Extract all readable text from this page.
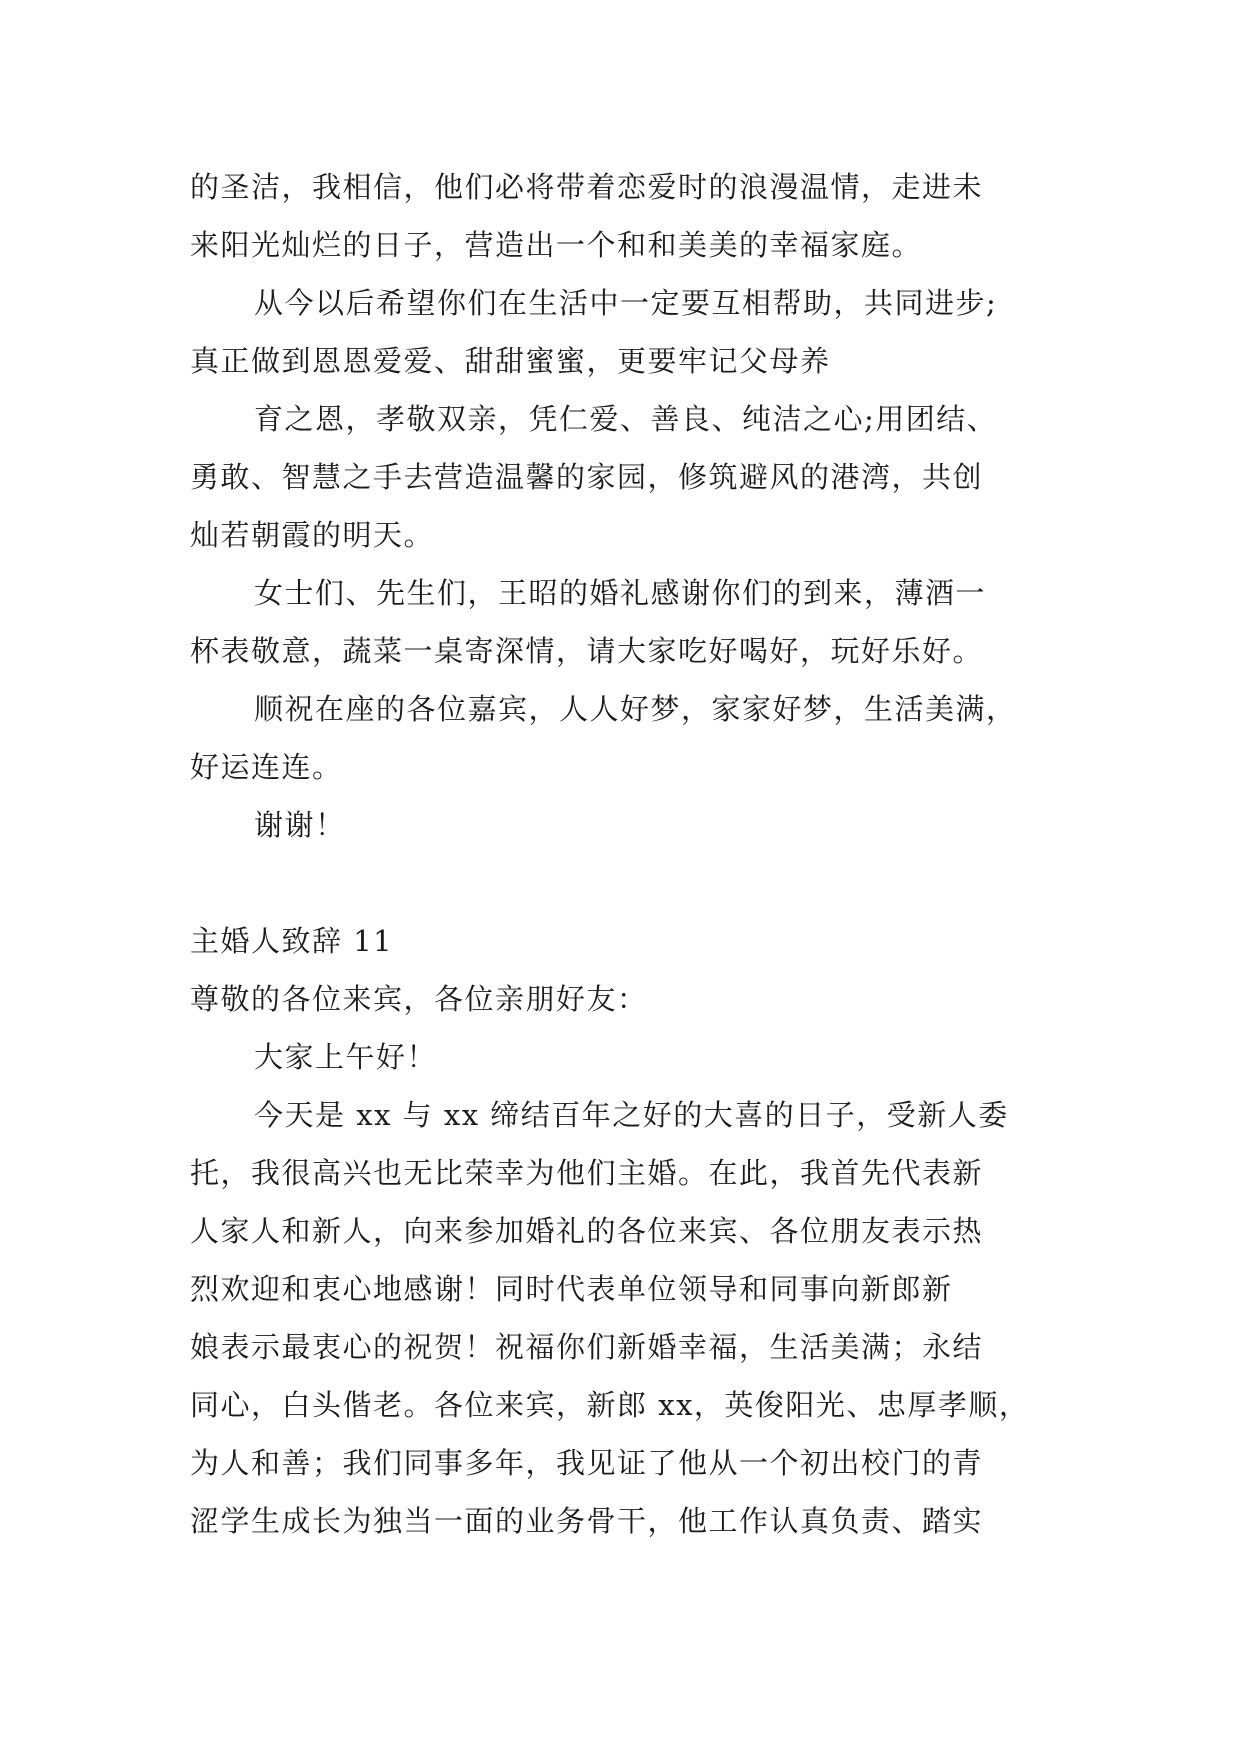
的圣洁，我相信，他们必将带着恋爱时的浪漫温情，走进未
来阳光灿烂的日子，营造出一个和和美美的幸福家庭。
从今以后希望你们在生活中一定要互相帮助，共同进步;
真正做到恩恩爱爱、甜甜蜜蜜，更要牢记父母养
育之恩，孝敬双亲，凭仁爱、善良、纯洁之心;用团结、
勇敢、智慧之手去营造温馨的家园，修筑避风的港湾，共创
灿若朝霞的明天。
女士们、先生们，王昭的婚礼感谢你们的到来，薄酒一
杯表敬意，蔬菜一桌寄深情，请大家吃好喝好，玩好乐好。
顺祝在座的各位嘉宾，人人好梦，家家好梦，生活美满，
好运连连。
谢谢！
主婚人致辞 11
尊敬的各位来宾，各位亲朋好友：
大家上午好！
今天是 xx 与 xx 缔结百年之好的大喜的日子，受新人委
托，我很高兴也无比荣幸为他们主婚。在此，我首先代表新
人家人和新人，向来参加婚礼的各位来宾、各位朋友表示热
烈欢迎和衷心地感谢！同时代表单位领导和同事向新郎新
娘表示最衷心的祝贺！祝福你们新婚幸福，生活美满；永结
同心，白头偕老。各位来宾，新郎 xx，英俊阳光、忠厚孝顺，
为人和善；我们同事多年，我见证了他从一个初出校门的青
涩学生成长为独当一面的业务骨干，他工作认真负责、踏实
